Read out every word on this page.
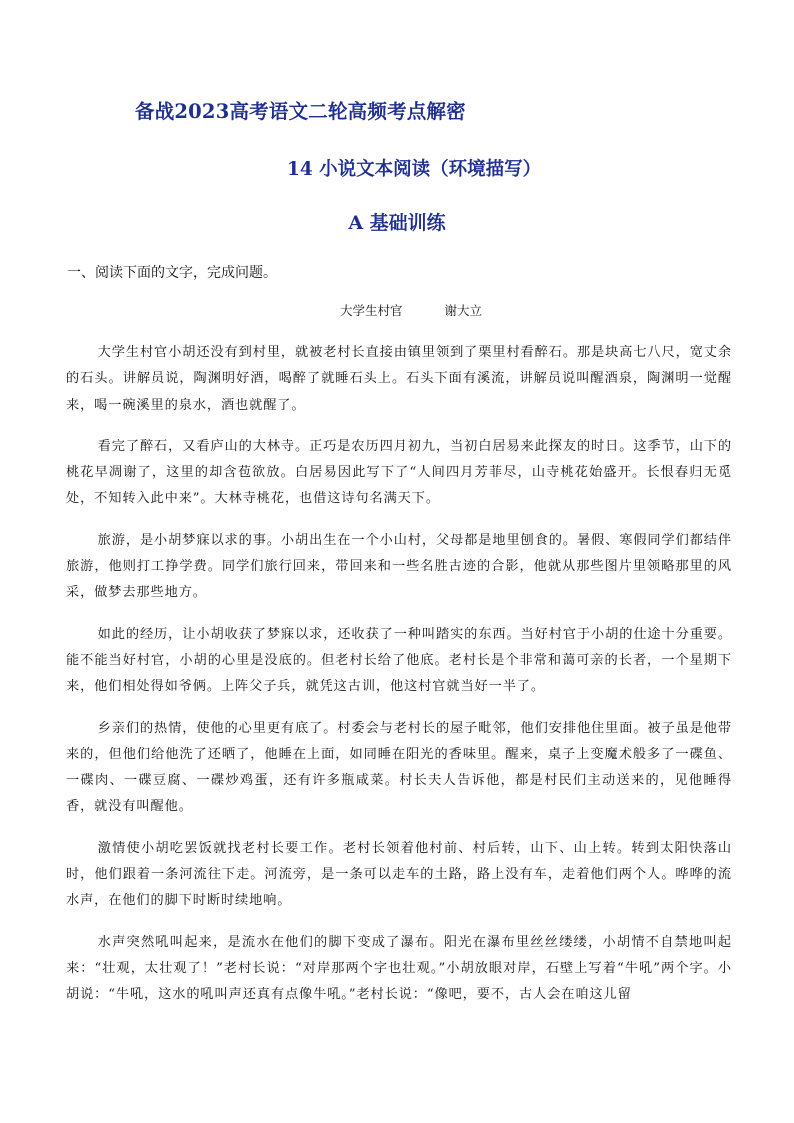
备战2023高考语文二轮高频考点解密
14 小说文本阅读（环境描写）
A 基础训练
一、阅读下面的文字，完成问题。
大学生村官	谢大立

大学生村官小胡还没有到村里，就被老村长直接由镇里领到了栗里村看醉石。那是块高七八尺，宽丈余的石头。讲解员说，陶渊明好酒，喝醉了就睡石头上。石头下面有溪流，讲解员说叫醒酒泉，陶渊明一觉醒来，喝一碗溪里的泉水，酒也就醒了。

看完了醉石，又看庐山的大林寺。正巧是农历四月初九，当初白居易来此探友的时日。这季节，山下的桃花早凋谢了，这里的却含苞欲放。白居易因此写下了“人间四月芳菲尽，山寺桃花始盛开。长恨春归无觅处，不知转入此中来”。大林寺桃花，也借这诗句名满天下。

旅游，是小胡梦寐以求的事。小胡出生在一个小山村，父母都是地里刨食的。暑假、寒假同学们都结伴旅游，他则打工挣学费。同学们旅行回来，带回来和一些名胜古迹的合影，他就从那些图片里领略那里的风采，做梦去那些地方。

如此的经历，让小胡收获了梦寐以求，还收获了一种叫踏实的东西。当好村官于小胡的仕途十分重要。能不能当好村官，小胡的心里是没底的。但老村长给了他底。老村长是个非常和蔼可亲的长者，一个星期下来，他们相处得如爷俩。上阵父子兵，就凭这古训，他这村官就当好一半了。

乡亲们的热情，使他的心里更有底了。村委会与老村长的屋子毗邻，他们安排他住里面。被子虽是他带来的，但他们给他洗了还晒了，他睡在上面，如同睡在阳光的香味里。醒来，桌子上变魔术般多了一碟鱼、一碟肉、一碟豆腐、一碟炒鸡蛋，还有许多瓶咸菜。村长夫人告诉他，都是村民们主动送来的，见他睡得香，就没有叫醒他。

激情使小胡吃罢饭就找老村长要工作。老村长领着他村前、村后转，山下、山上转。转到太阳快落山时，他们跟着一条河流往下走。河流旁，是一条可以走车的土路，路上没有车，走着他们两个人。哗哗的流水声，在他们的脚下时断时续地响。

水声突然吼叫起来，是流水在他们的脚下变成了瀑布。阳光在瀑布里丝丝缕缕，小胡情不自禁地叫起来：“壮观，太壮观了！”老村长说：“对岸那两个字也壮观。”小胡放眼对岸，石壁上写着“牛吼”两个字。小胡说：“牛吼，这水的吼叫声还真有点像牛吼。”老村长说：“像吧，要不，古人会在咱这儿留
